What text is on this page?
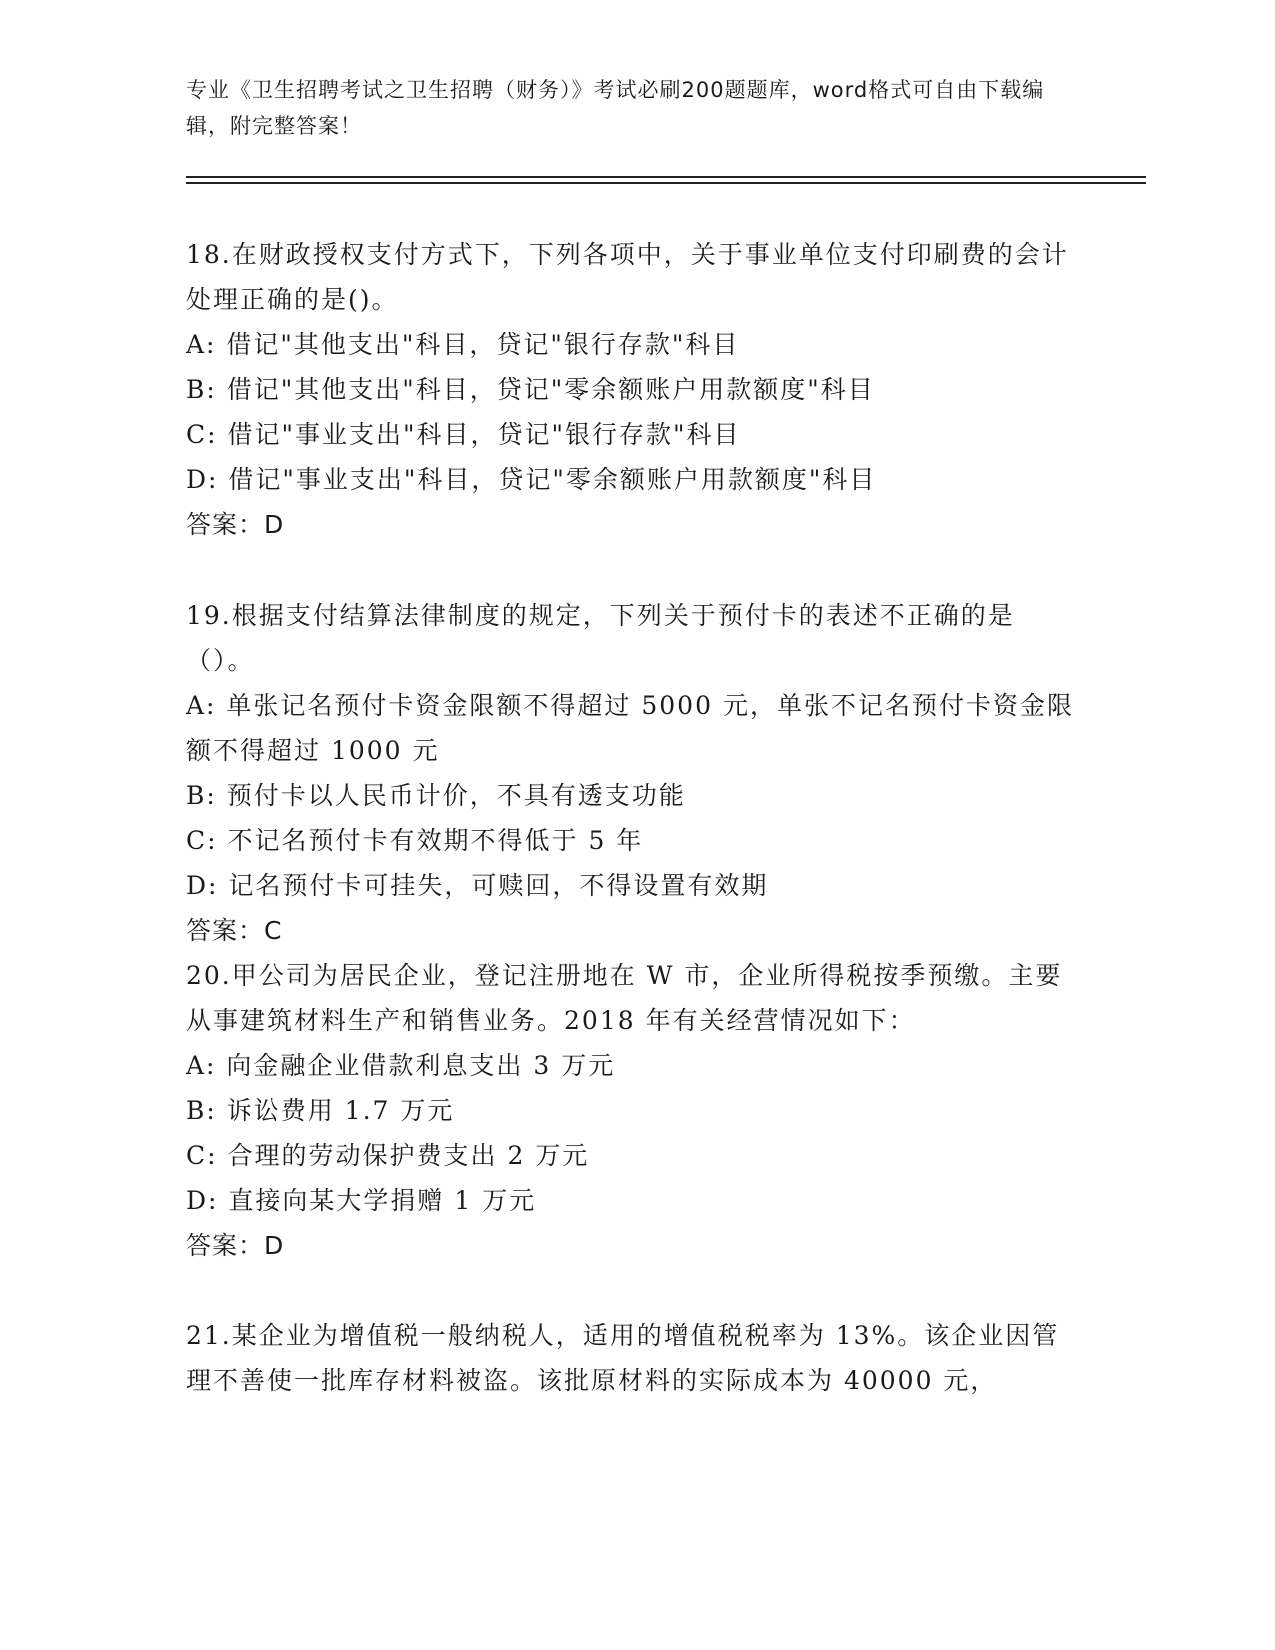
专业《卫生招聘考试之卫生招聘（财务）》考试必刷200题题库，word格式可自由下载编辑，附完整答案！
18.在财政授权支付方式下，下列各项中，关于事业单位支付印刷费的会计处理正确的是()。
A: 借记"其他支出"科目，贷记"银行存款"科目
B: 借记"其他支出"科目，贷记"零余额账户用款额度"科目
C: 借记"事业支出"科目，贷记"银行存款"科目
D: 借记"事业支出"科目，贷记"零余额账户用款额度"科目
答案：D
19.根据支付结算法律制度的规定，下列关于预付卡的表述不正确的是（）。
A: 单张记名预付卡资金限额不得超过 5000 元，单张不记名预付卡资金限额不得超过 1000 元
B: 预付卡以人民币计价，不具有透支功能
C: 不记名预付卡有效期不得低于 5 年
D: 记名预付卡可挂失，可赎回，不得设置有效期
答案：C
20.甲公司为居民企业，登记注册地在 W 市，企业所得税按季预缴。主要从事建筑材料生产和销售业务。2018 年有关经营情况如下：
A: 向金融企业借款利息支出 3 万元
B: 诉讼费用 1.7 万元
C: 合理的劳动保护费支出 2 万元
D: 直接向某大学捐赠 1 万元
答案：D
21.某企业为增值税一般纳税人，适用的增值税税率为 13%。该企业因管理不善使一批库存材料被盗。该批原材料的实际成本为 40000 元，
